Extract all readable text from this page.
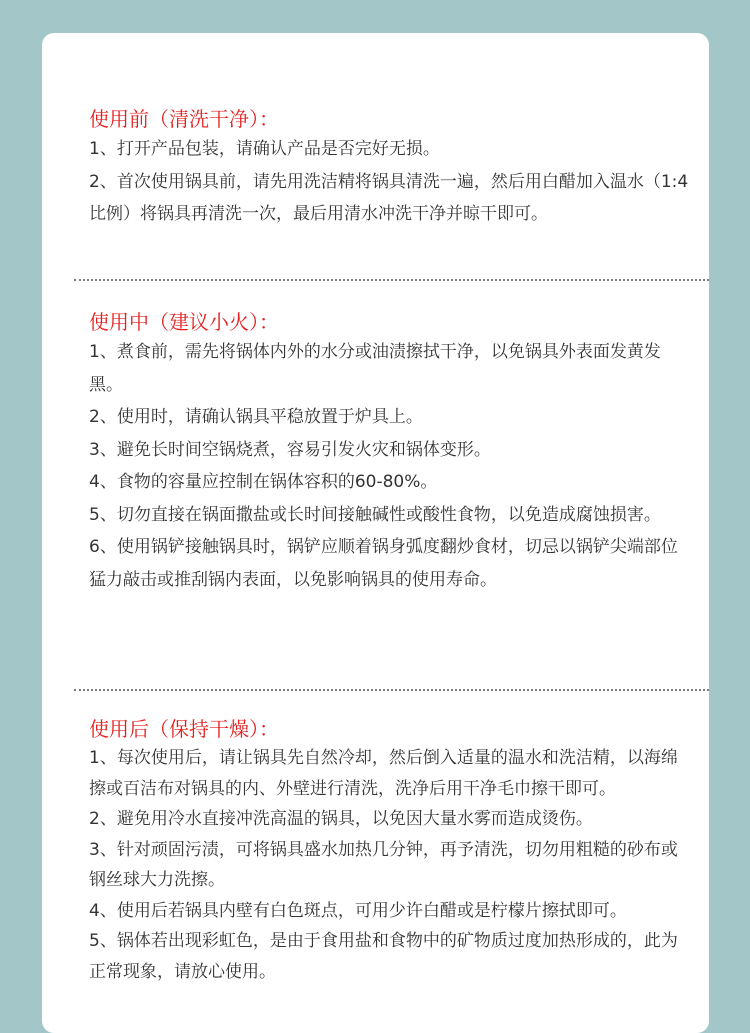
使用前（清洗干净）：

1、打开产品包装，请确认产品是否完好无损。

2、首次使用锅具前，请先用洗洁精将锅具清洗一遍，然后用白醋加入温水（1:4比例）将锅具再清洗一次，最后用清水冲洗干净并晾干即可。

使用中（建议小火）：

1、煮食前，需先将锅体内外的水分或油渍擦拭干净，以免锅具外表面发黄发黑。

2、使用时，请确认锅具平稳放置于炉具上。

3、避免长时间空锅烧煮，容易引发火灾和锅体变形。

4、食物的容量应控制在锅体容积的60-80%。

5、切勿直接在锅面撒盐或长时间接触碱性或酸性食物，以免造成腐蚀损害。

6、使用锅铲接触锅具时，锅铲应顺着锅身弧度翻炒食材，切忌以锅铲尖端部位猛力敲击或推刮锅内表面，以免影响锅具的使用寿命。

使用后（保持干燥）：

1、每次使用后，请让锅具先自然冷却，然后倒入适量的温水和洗洁精，以海绵擦或百洁布对锅具的内、外壁进行清洗，洗净后用干净毛巾擦干即可。

2、避免用冷水直接冲洗高温的锅具，以免因大量水雾而造成烫伤。

3、针对顽固污渍，可将锅具盛水加热几分钟，再予清洗，切勿用粗糙的砂布或钢丝球大力洗擦。

4、使用后若锅具内壁有白色斑点，可用少许白醋或是柠檬片擦拭即可。

5、锅体若出现彩虹色，是由于食用盐和食物中的矿物质过度加热形成的，此为正常现象，请放心使用。
